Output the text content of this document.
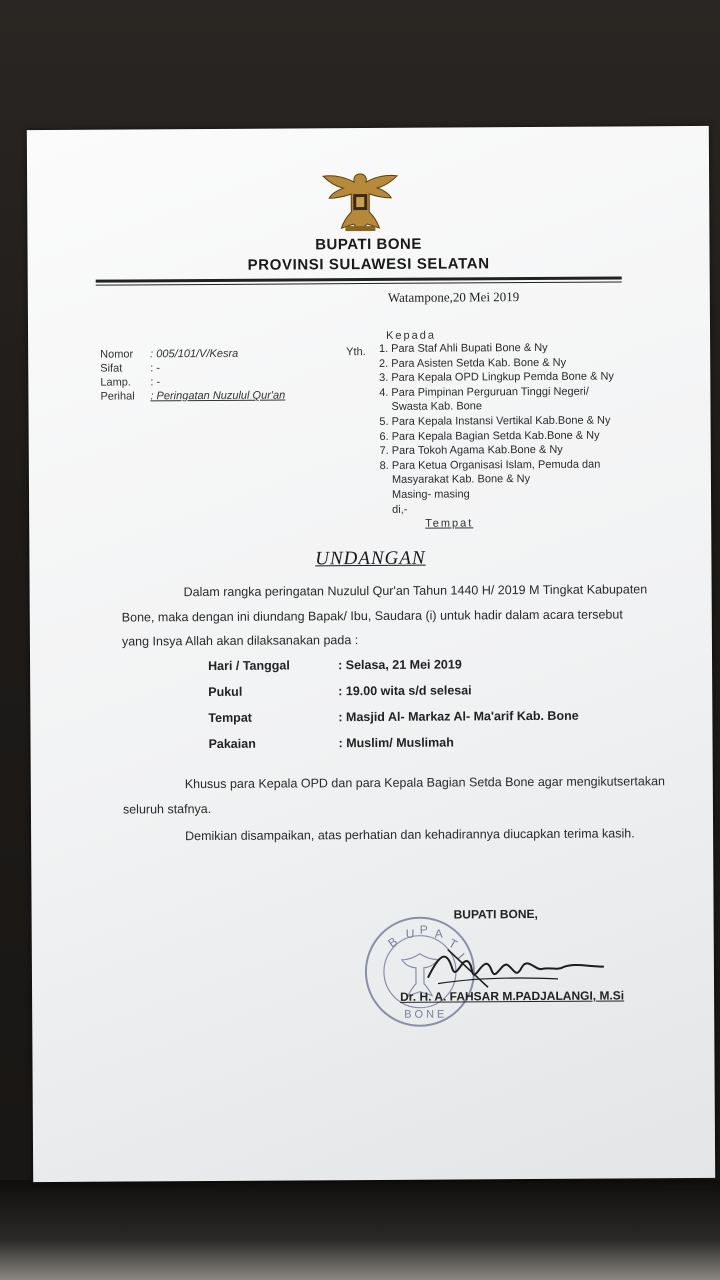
BUPATI BONE
PROVINSI SULAWESI SELATAN
Watampone,20 Mei 2019
Kepada
Nomor : 005/101/V/Kesra
Sifat	: -
Lamp. : -
Perihal : Peringatan Nuzulul Qur'an
Yth.	1. Para Staf Ahli Bupati Bone & Ny
2. Para Asisten Setda Kab. Bone & Ny
3. Para Kepala OPD Lingkup Pemda Bone & Ny
4. Para Pimpinan Perguruan Tinggi Negeri/
Swasta Kab. Bone
5. Para Kepala Instansi Vertikal Kab.Bone & Ny
6. Para Kepala Bagian Setda Kab.Bone & Ny
7. Para Tokoh Agama Kab.Bone & Ny
8. Para Ketua Organisasi Islam, Pemuda dan
Masyarakat Kab. Bone & Ny
Masing- masing
di,-
Tempat
UNDANGAN
Dalam rangka peringatan Nuzulul Qur'an Tahun 1440 H/ 2019 M Tingkat Kabupaten
Bone, maka dengan ini diundang Bapak/ Ibu, Saudara (i) untuk hadir dalam acara tersebut
yang Insya Allah akan dilaksanakan pada :
Hari / Tanggal	: Selasa, 21 Mei 2019
Pukul	: 19.00 wita s/d selesai
Tempat	: Masjid Al- Markaz Al- Ma'arif Kab. Bone
Pakaian	: Muslim/ Muslimah
Khusus para Kepala OPD dan para Kepala Bagian Setda Bone agar mengikutsertakan
seluruh stafnya.
Demikian disampaikan, atas perhatian dan kehadirannya diucapkan terima kasih.
B
U P A
T
I
BONE
BUPATI BONE,
Dr. H. A. FAHSAR M.PADJALANGI, M.Si
